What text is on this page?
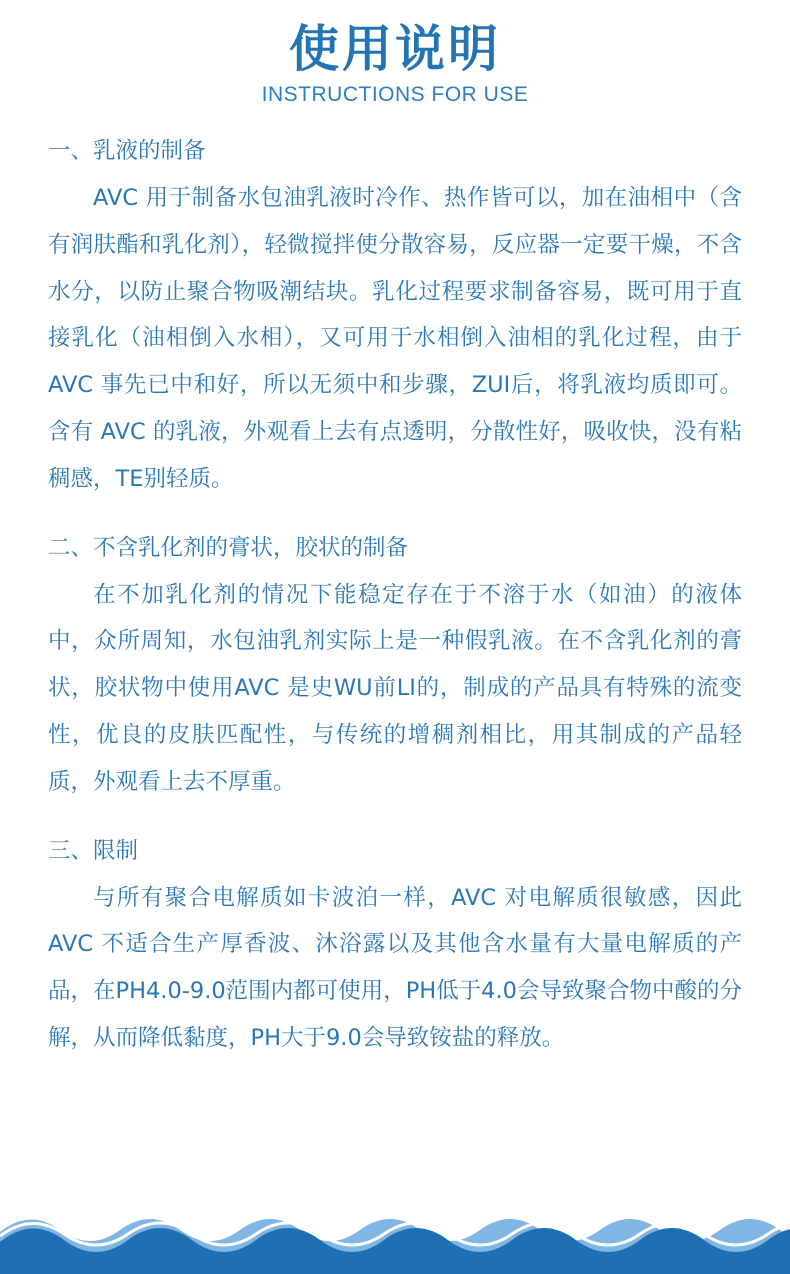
使用说明
INSTRUCTIONS FOR USE
一、乳液的制备
AVC 用于制备水包油乳液时冷作、热作皆可以，加在油相中（含有润肤酯和乳化剂），轻微搅拌使分散容易，反应器一定要干燥，不含水分，以防止聚合物吸潮结块。乳化过程要求制备容易，既可用于直接乳化（油相倒入水相），又可用于水相倒入油相的乳化过程，由于AVC 事先已中和好，所以无须中和步骤，ZUI后，将乳液均质即可。含有 AVC 的乳液，外观看上去有点透明，分散性好，吸收快，没有粘稠感，TE别轻质。
二、不含乳化剂的膏状，胶状的制备
在不加乳化剂的情况下能稳定存在于不溶于水（如油）的液体中，众所周知，水包油乳剂实际上是一种假乳液。在不含乳化剂的膏状，胶状物中使用AVC 是史WU前LI的，制成的产品具有特殊的流变性，优良的皮肤匹配性，与传统的增稠剂相比，用其制成的产品轻质，外观看上去不厚重。
三、限制
与所有聚合电解质如卡波泊一样，AVC 对电解质很敏感，因此 AVC 不适合生产厚香波、沐浴露以及其他含水量有大量电解质的产品，在PH4.0-9.0范围内都可使用，PH低于4.0会导致聚合物中酸的分解，从而降低黏度，PH大于9.0会导致铵盐的释放。
